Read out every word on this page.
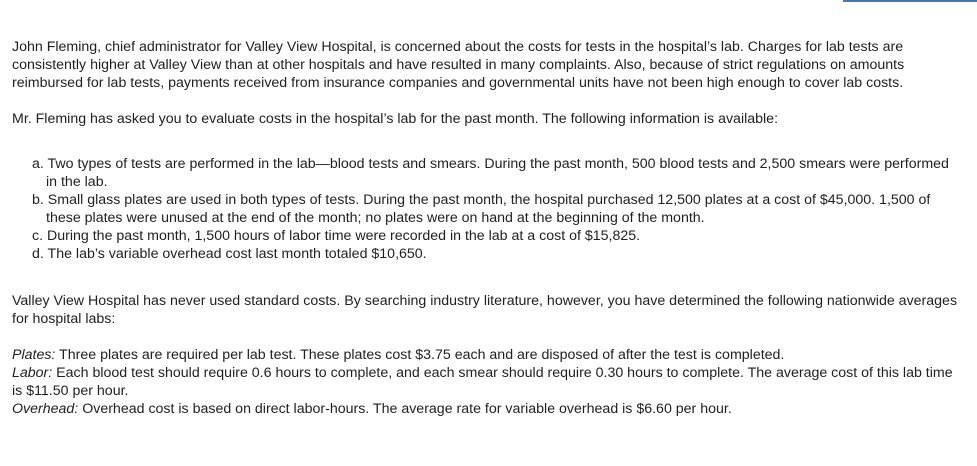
John Fleming, chief administrator for Valley View Hospital, is concerned about the costs for tests in the hospital’s lab. Charges for lab tests are consistently higher at Valley View than at other hospitals and have resulted in many complaints. Also, because of strict regulations on amounts reimbursed for lab tests, payments received from insurance companies and governmental units have not been high enough to cover lab costs.

Mr. Fleming has asked you to evaluate costs in the hospital’s lab for the past month. The following information is available:

a. Two types of tests are performed in the lab—blood tests and smears. During the past month, 500 blood tests and 2,500 smears were performed in the lab.
b. Small glass plates are used in both types of tests. During the past month, the hospital purchased 12,500 plates at a cost of $45,000. 1,500 of these plates were unused at the end of the month; no plates were on hand at the beginning of the month.
c. During the past month, 1,500 hours of labor time were recorded in the lab at a cost of $15,825.
d. The lab’s variable overhead cost last month totaled $10,650.

Valley View Hospital has never used standard costs. By searching industry literature, however, you have determined the following nationwide averages for hospital labs:

Plates: Three plates are required per lab test. These plates cost $3.75 each and are disposed of after the test is completed.

Labor: Each blood test should require 0.6 hours to complete, and each smear should require 0.30 hours to complete. The average cost of this lab time is $11.50 per hour.

Overhead: Overhead cost is based on direct labor-hours. The average rate for variable overhead is $6.60 per hour.
